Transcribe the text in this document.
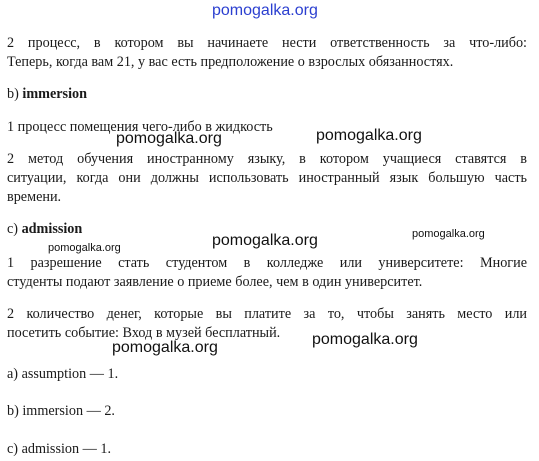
pomogalka.org
2 процесс, в котором вы начинаете нести ответственность за что-либо:
Теперь, когда вам 21, у вас есть предположение о взрослых обязанностях.
b) immersion
1 процесс помещения чего-либо в жидкость
2 метод обучения иностранному языку, в котором учащиеся ставятся в
ситуации, когда они должны использовать иностранный язык большую часть
времени.
c) admission
1 разрешение стать студентом в колледже или университете: Многие
студенты подают заявление о приеме более, чем в один университет.
2 количество денег, которые вы платите за то, чтобы занять место или
посетить событие: Вход в музей бесплатный.
a) assumption — 1.
b) immersion — 2.
c) admission — 1.
pomogalka.org	pomogalka.org
pomogalka.org
pomogalka.org
pomogalka.org
pomogalka.org	pomogalka.org
